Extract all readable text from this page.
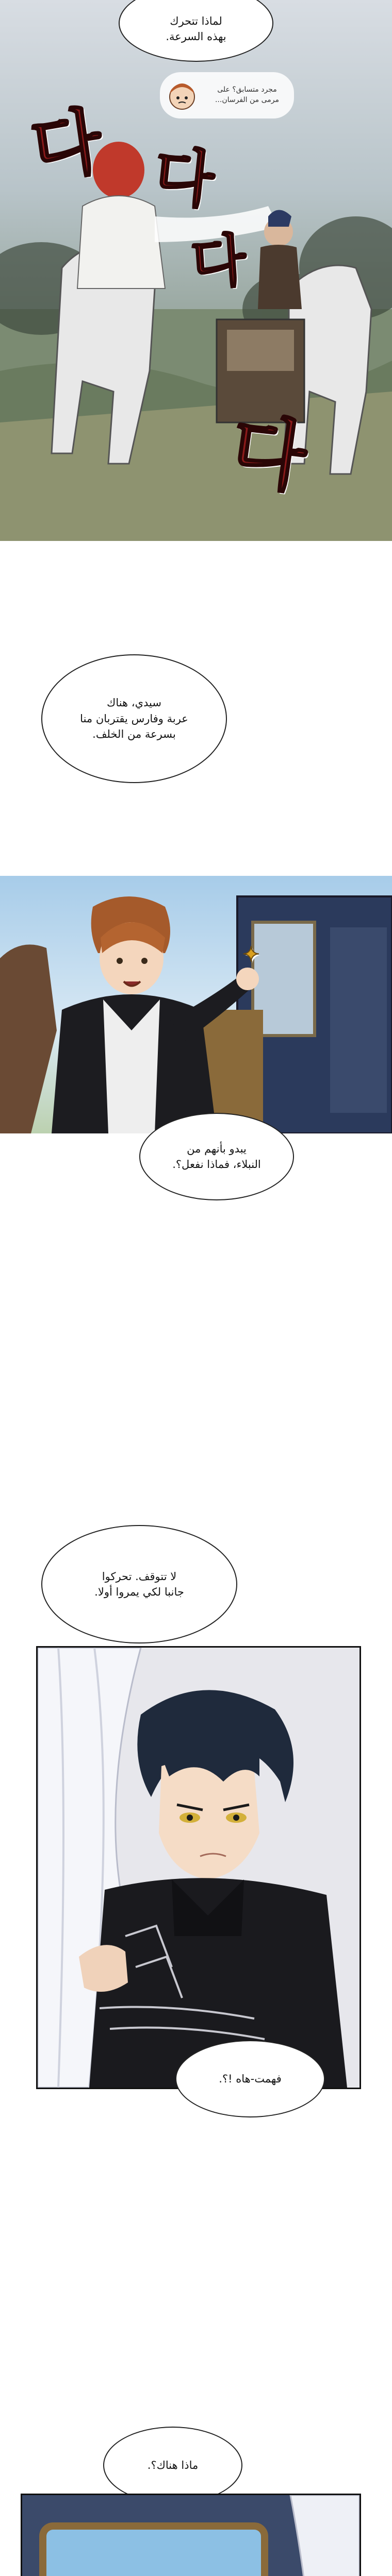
다 다
다
다
لماذا تتحرك
بهذه السرعة.
مجرد متسابق؟ على
مرمى من الفرسان...
سيدي، هناك
عربة وفارس يقتربان منا
بسرعة من الخلف.
✦
يبدو بأنهم من
النبلاء، فماذا نفعل؟.
لا تتوقف. تحركوا
جانبا لكي يمروا أولا.
فهمت-هاه !؟.
ماذا هناك؟.
